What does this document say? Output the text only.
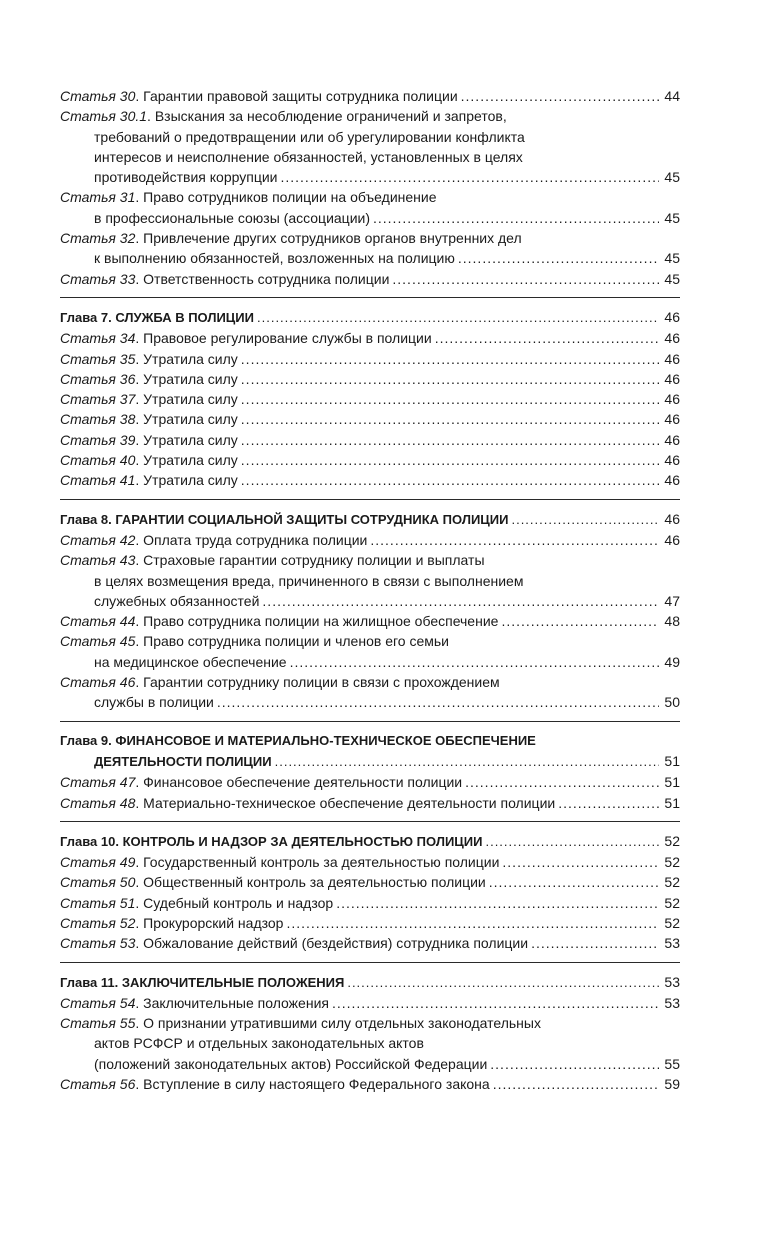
Статья 30. Гарантии правовой защиты сотрудника полиции .....	44
Статья 30.1. Взыскания за несоблюдение ограничений и запретов,
требований о предотвращении или об урегулировании конфликта
интересов и неисполнение обязанностей, установленных в целях
противодействия коррупции .....	45
Статья 31. Право сотрудников полиции на объединение
в профессиональные союзы (ассоциации) .....	45
Статья 32. Привлечение других сотрудников органов внутренних дел
к выполнению обязанностей, возложенных на полицию .....	45
Статья 33. Ответственность сотрудника полиции .....	45
Глава 7. СЛУЖБА В ПОЛИЦИИ .....	46
Статья 34. Правовое регулирование службы в полиции .....	46
Статья 35. Утратила силу .....	46
Статья 36. Утратила силу .....	46
Статья 37. Утратила силу .....	46
Статья 38. Утратила силу .....	46
Статья 39. Утратила силу .....	46
Статья 40. Утратила силу .....	46
Статья 41. Утратила силу .....	46
Глава 8. ГАРАНТИИ СОЦИАЛЬНОЙ ЗАЩИТЫ СОТРУДНИКА ПОЛИЦИИ .....	46
Статья 42. Оплата труда сотрудника полиции .....	46
Статья 43. Страховые гарантии сотруднику полиции и выплаты
в целях возмещения вреда, причиненного в связи с выполнением
служебных обязанностей .....	47
Статья 44. Право сотрудника полиции на жилищное обеспечение .....	48
Статья 45. Право сотрудника полиции и членов его семьи
на медицинское обеспечение .....	49
Статья 46. Гарантии сотруднику полиции в связи с прохождением
службы в полиции .....	50
Глава 9. ФИНАНСОВОЕ И МАТЕРИАЛЬНО-ТЕХНИЧЕСКОЕ ОБЕСПЕЧЕНИЕ
ДЕЯТЕЛЬНОСТИ ПОЛИЦИИ .....	51
Статья 47. Финансовое обеспечение деятельности полиции .....	51
Статья 48. Материально-техническое обеспечение деятельности полиции .....	51
Глава 10. КОНТРОЛЬ И НАДЗОР ЗА ДЕЯТЕЛЬНОСТЬЮ ПОЛИЦИИ .....	52
Статья 49. Государственный контроль за деятельностью полиции .....	52
Статья 50. Общественный контроль за деятельностью полиции .....	52
Статья 51. Судебный контроль и надзор .....	52
Статья 52. Прокурорский надзор .....	52
Статья 53. Обжалование действий (бездействия) сотрудника полиции .....	53
Глава 11. ЗАКЛЮЧИТЕЛЬНЫЕ ПОЛОЖЕНИЯ .....	53
Статья 54. Заключительные положения .....	53
Статья 55. О признании утратившими силу отдельных законодательных
актов РСФСР и отдельных законодательных актов
(положений законодательных актов) Российской Федерации .....	55
Статья 56. Вступление в силу настоящего Федерального закона .....	59
